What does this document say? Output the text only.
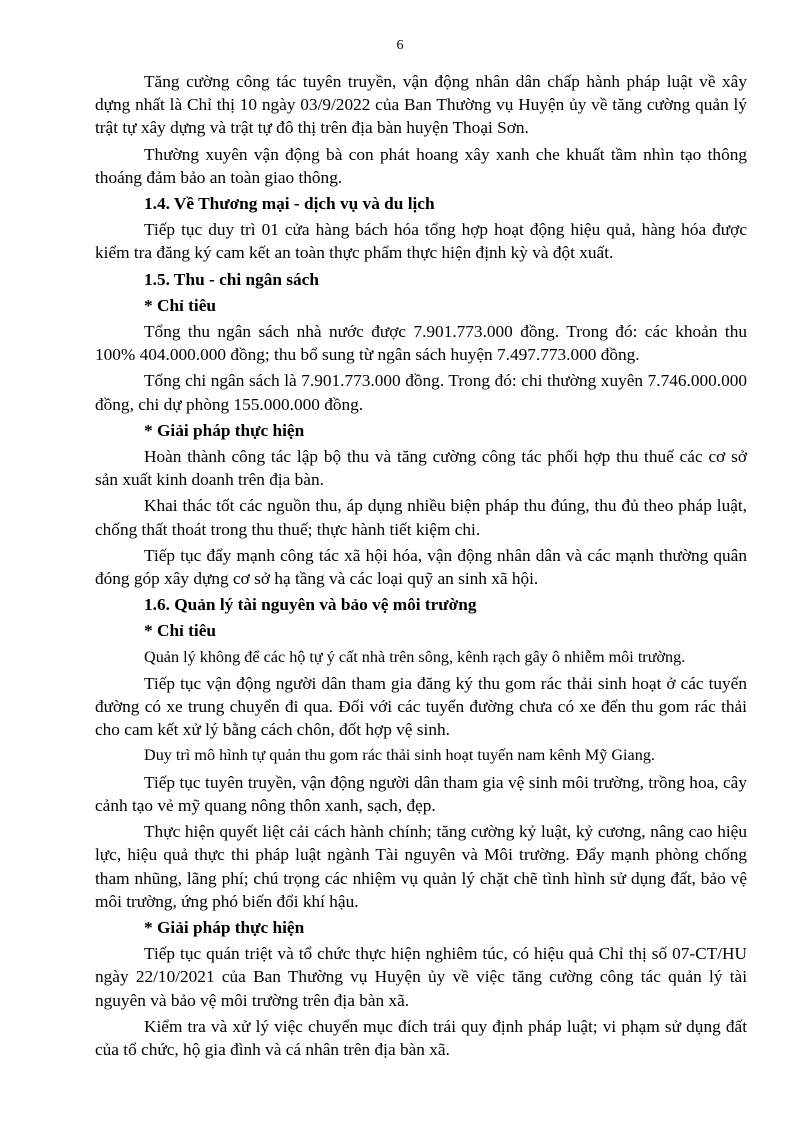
6

Tăng cường công tác tuyên truyền, vận động nhân dân chấp hành pháp luật về xây dựng nhất là Chỉ thị 10 ngày 03/9/2022 của Ban Thường vụ Huyện ủy về tăng cường quản lý trật tự xây dựng và trật tự đô thị trên địa bàn huyện Thoại Sơn.

Thường xuyên vận động bà con phát hoang xây xanh che khuất tầm nhìn tạo thông thoáng đảm bảo an toàn giao thông.

1.4. Về Thương mại - dịch vụ và du lịch

Tiếp tục duy trì 01 cửa hàng bách hóa tổng hợp hoạt động hiệu quả, hàng hóa được kiểm tra đăng ký cam kết an toàn thực phẩm thực hiện định kỳ và đột xuất.

1.5. Thu - chi ngân sách

* Chỉ tiêu

Tổng thu ngân sách nhà nước được 7.901.773.000 đồng. Trong đó: các khoản thu 100% 404.000.000 đồng; thu bổ sung từ ngân sách huyện 7.497.773.000 đồng.

Tổng chi ngân sách là 7.901.773.000 đồng. Trong đó: chi thường xuyên 7.746.000.000 đồng, chi dự phòng 155.000.000 đồng.

* Giải pháp thực hiện

Hoàn thành công tác lập bộ thu và tăng cường công tác phối hợp thu thuế các cơ sở sản xuất kinh doanh trên địa bàn.

Khai thác tốt các nguồn thu, áp dụng nhiều biện pháp thu đúng, thu đủ theo pháp luật, chống thất thoát trong thu thuế; thực hành tiết kiệm chi.

Tiếp tục đẩy mạnh công tác xã hội hóa, vận động nhân dân và các mạnh thường quân đóng góp xây dựng cơ sở hạ tầng và các loại quỹ an sinh xã hội.

1.6. Quản lý tài nguyên và bảo vệ môi trường

* Chỉ tiêu

Quản lý không để các hộ tự ý cất nhà trên sông, kênh rạch gây ô nhiễm môi trường.

Tiếp tục vận động người dân tham gia đăng ký thu gom rác thải sinh hoạt ở các tuyến đường có xe trung chuyển đi qua. Đối với các tuyến đường chưa có xe đến thu gom rác thải cho cam kết xử lý bằng cách chôn, đốt hợp vệ sinh.

Duy trì mô hình tự quản thu gom rác thải sinh hoạt tuyến nam kênh Mỹ Giang.

Tiếp tục tuyên truyền, vận động người dân tham gia vệ sinh môi trường, trồng hoa, cây cảnh tạo vẻ mỹ quang nông thôn xanh, sạch, đẹp.

Thực hiện quyết liệt cải cách hành chính; tăng cường kỷ luật, kỷ cương, nâng cao hiệu lực, hiệu quả thực thi pháp luật ngành Tài nguyên và Môi trường. Đẩy mạnh phòng chống tham nhũng, lãng phí; chú trọng các nhiệm vụ quản lý chặt chẽ tình hình sử dụng đất, bảo vệ môi trường, ứng phó biến đổi khí hậu.

* Giải pháp thực hiện

Tiếp tục quán triệt và tổ chức thực hiện nghiêm túc, có hiệu quả Chỉ thị số 07-CT/HU ngày 22/10/2021 của Ban Thường vụ Huyện ủy về việc tăng cường công tác quản lý tài nguyên và bảo vệ môi trường trên địa bàn xã.

Kiểm tra và xử lý việc chuyển mục đích trái quy định pháp luật; vi phạm sử dụng đất của tổ chức, hộ gia đình và cá nhân trên địa bàn xã.
